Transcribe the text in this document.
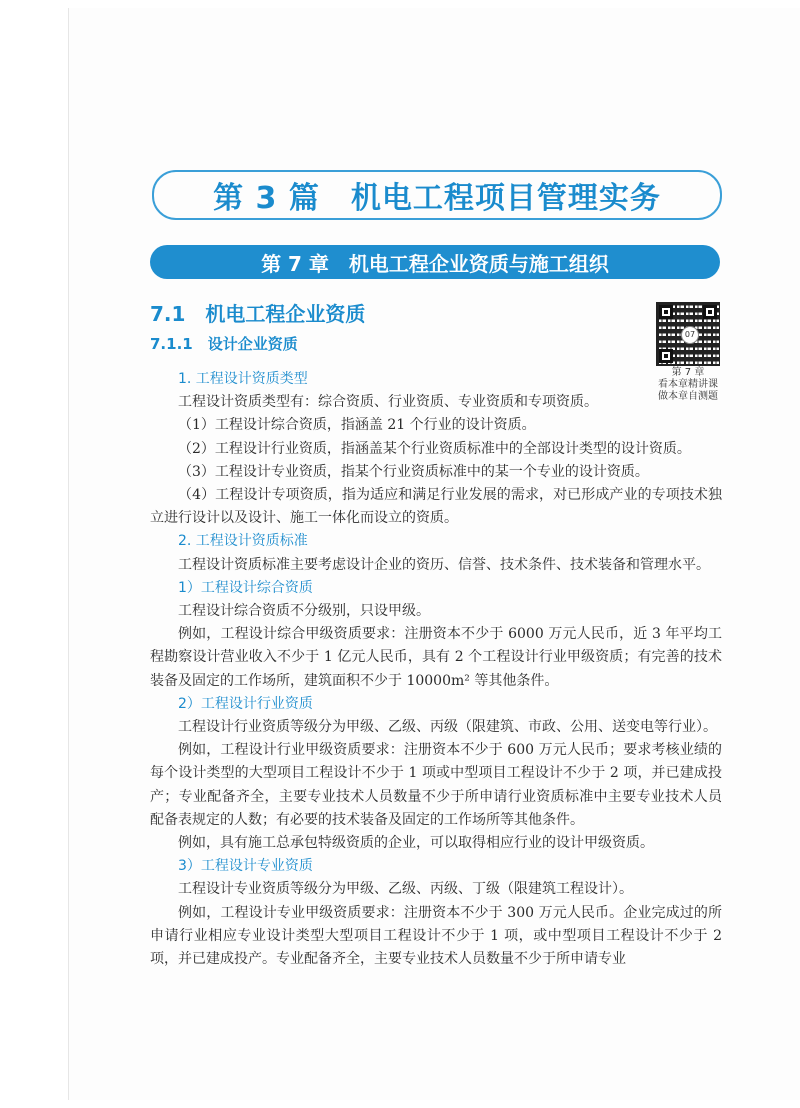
第 3 篇　机电工程项目管理实务
第 7 章　机电工程企业资质与施工组织
7.1　机电工程企业资质
7.1.1　设计企业资质
07
第 7 章
看本章精讲课
做本章自测题

1. 工程设计资质类型

工程设计资质类型有：综合资质、行业资质、专业资质和专项资质。

（1）工程设计综合资质，指涵盖 21 个行业的设计资质。

（2）工程设计行业资质，指涵盖某个行业资质标准中的全部设计类型的设计资质。

（3）工程设计专业资质，指某个行业资质标准中的某一个专业的设计资质。

（4）工程设计专项资质，指为适应和满足行业发展的需求，对已形成产业的专项技术独立进行设计以及设计、施工一体化而设立的资质。

2. 工程设计资质标准

工程设计资质标准主要考虑设计企业的资历、信誉、技术条件、技术装备和管理水平。

1）工程设计综合资质

工程设计综合资质不分级别，只设甲级。

例如，工程设计综合甲级资质要求：注册资本不少于 6000 万元人民币，近 3 年平均工程勘察设计营业收入不少于 1 亿元人民币，具有 2 个工程设计行业甲级资质；有完善的技术装备及固定的工作场所，建筑面积不少于 10000m² 等其他条件。

2）工程设计行业资质

工程设计行业资质等级分为甲级、乙级、丙级（限建筑、市政、公用、送变电等行业）。

例如，工程设计行业甲级资质要求：注册资本不少于 600 万元人民币；要求考核业绩的每个设计类型的大型项目工程设计不少于 1 项或中型项目工程设计不少于 2 项，并已建成投产；专业配备齐全，主要专业技术人员数量不少于所申请行业资质标准中主要专业技术人员配备表规定的人数；有必要的技术装备及固定的工作场所等其他条件。

例如，具有施工总承包特级资质的企业，可以取得相应行业的设计甲级资质。

3）工程设计专业资质

工程设计专业资质等级分为甲级、乙级、丙级、丁级（限建筑工程设计）。

例如，工程设计专业甲级资质要求：注册资本不少于 300 万元人民币。企业完成过的所申请行业相应专业设计类型大型项目工程设计不少于 1 项，或中型项目工程设计不少于 2 项，并已建成投产。专业配备齐全，主要专业技术人员数量不少于所申请专业
